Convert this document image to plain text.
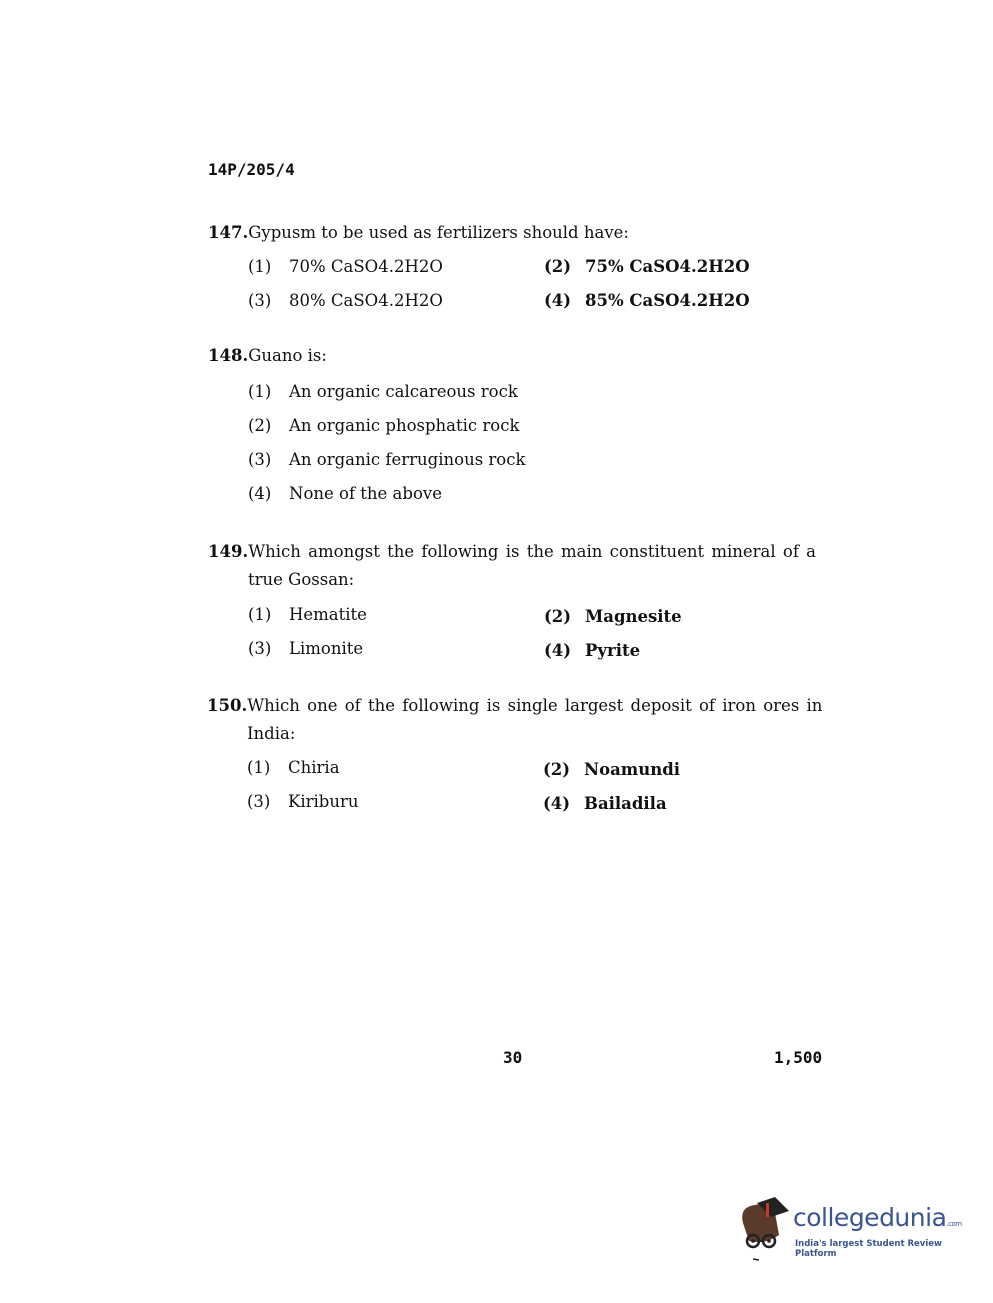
14P/205/4
147.Gypusm to be used as fertilizers should have:
(1) 70% CaSO4.2H2O	(2) 75% CaSO4.2H2O
(3) 80% CaSO4.2H2O	(4) 85% CaSO4.2H2O
148.Guano is:
(1) An organic calcareous rock
(2) An organic phosphatic rock
(3) An organic ferruginous rock
(4) None of the above
149.Which amongst the following is the main constituent mineral of a
true Gossan:
(1) Hematite	(2) Magnesite
(3) Limonite	(4) Pyrite
150.Which one of the following is single largest deposit of iron ores in
India:
(1) Chiria	(2) Noamundi
(3) Kiriburu	(4) Bailadila
30	1,500
collegedunia.com
India's largest Student Review Platform
